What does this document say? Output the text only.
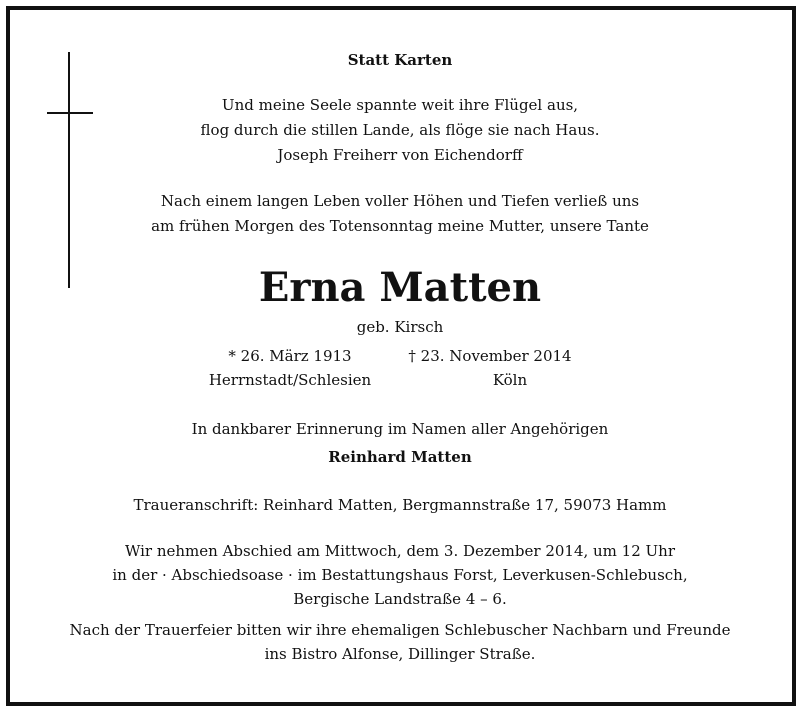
Statt Karten
Und meine Seele spannte weit ihre Flügel aus,
flog durch die stillen Lande, als flöge sie nach Haus.
Joseph Freiherr von Eichendorff
Nach einem langen Leben voller Höhen und Tiefen verließ uns
am frühen Morgen des Totensonntag meine Mutter, unsere Tante
Erna Matten
geb. Kirsch
* 26. März 1913
Herrnstadt/Schlesien
† 23. November 2014
Köln
In dankbarer Erinnerung im Namen aller Angehörigen
Reinhard Matten
Traueranschrift: Reinhard Matten, Bergmannstraße 17, 59073 Hamm
Wir nehmen Abschied am Mittwoch, dem 3. Dezember 2014, um 12 Uhr
in der · Abschiedsoase · im Bestattungshaus Forst, Leverkusen-Schlebusch,
Bergische Landstraße 4 – 6.
Nach der Trauerfeier bitten wir ihre ehemaligen Schlebuscher Nachbarn und Freunde
ins Bistro Alfonse, Dillinger Straße.
